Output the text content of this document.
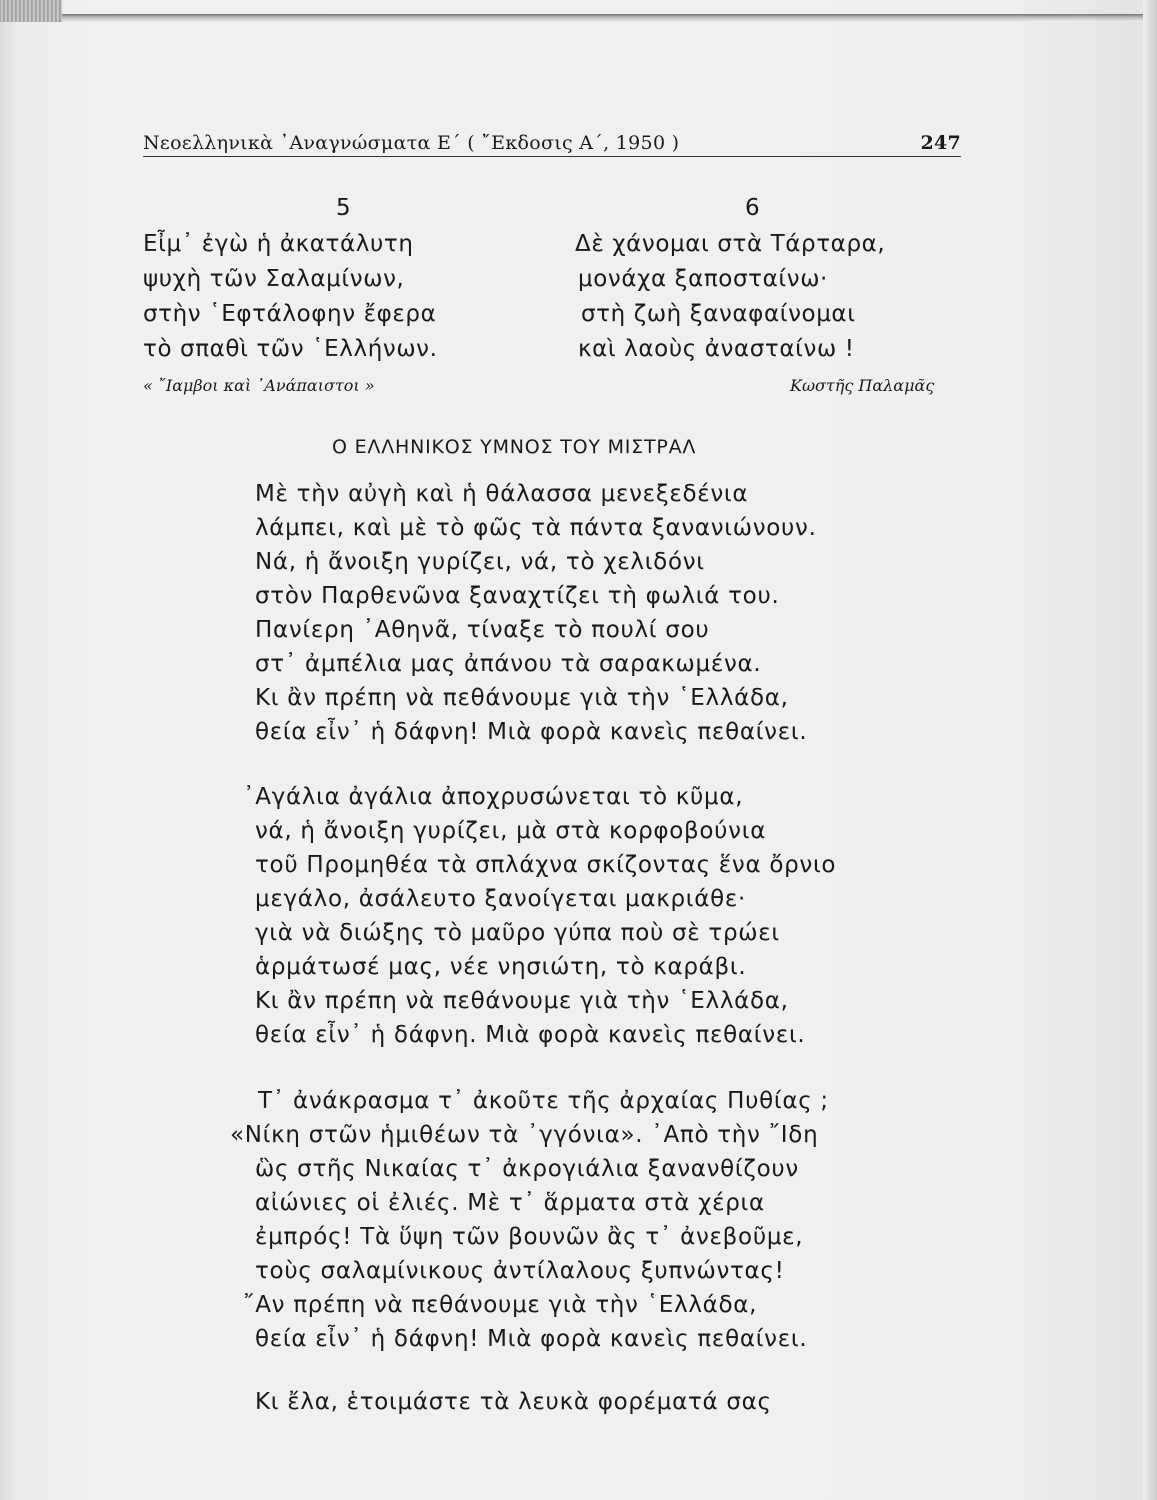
Νεοελληνικὰ ᾿Αναγνώσματα Ε΄ ( ῎Εκδοσις Α΄, 1950 )	247
5
Εἶμ᾿ ἐγὼ ἡ ἀκατάλυτη
ψυχὴ τῶν Σαλαμίνων,
στὴν ῾Εφτάλοφην ἔφερα
τὸ σπαθὶ τῶν ῾Ελλήνων.
« ῎Ιαμβοι καὶ ᾿Ανάπαιστοι »
6
Δὲ χάνομαι στὰ Τάρταρα,
μονάχα ξαποσταίνω·
στὴ ζωὴ ξαναφαίνομαι
καὶ λαοὺς ἀνασταίνω !
Κωστῆς Παλαμᾶς
Ο ΕΛΛΗΝΙΚΟΣ ΥΜΝΟΣ ΤΟΥ ΜΙΣΤΡΑΛ
Μὲ τὴν αὐγὴ καὶ ἡ θάλασσα μενεξεδένια
λάμπει, καὶ μὲ τὸ φῶς τὰ πάντα ξανανιώνουν.
Νά, ἡ ἄνοιξη γυρίζει, νά, τὸ χελιδόνι
στὸν Παρθενῶνα ξαναχτίζει τὴ φωλιά του.
Πανίερη ᾿Αθηνᾶ, τίναξε τὸ πουλί σου
στ᾿ ἀμπέλια μας ἀπάνου τὰ σαρακωμένα.
Κι ἂν πρέπη νὰ πεθάνουμε γιὰ τὴν ῾Ελλάδα,
θεία εἶν᾿ ἡ δάφνη! Μιὰ φορὰ κανεὶς πεθαίνει.
᾿Αγάλια ἀγάλια ἀποχρυσώνεται τὸ κῦμα,
νά, ἡ ἄνοιξη γυρίζει, μὰ στὰ κορφοβούνια
τοῦ Προμηθέα τὰ σπλάχνα σκίζοντας ἕνα ὄρνιο
μεγάλο, ἀσάλευτο ξανοίγεται μακριάθε·
γιὰ νὰ διώξης τὸ μαῦρο γύπα ποὺ σὲ τρώει
ἁρμάτωσέ μας, νέε νησιώτη, τὸ καράβι.
Κι ἂν πρέπη νὰ πεθάνουμε γιὰ τὴν ῾Ελλάδα,
θεία εἶν᾿ ἡ δάφνη. Μιὰ φορὰ κανεὶς πεθαίνει.
Τ᾿ ἀνάκρασμα τ᾿ ἀκοῦτε τῆς ἀρχαίας Πυθίας ;
«Νίκη στῶν ἡμιθέων τὰ ᾿γγόνια». ᾿Απὸ τὴν ῎Ιδη
ὣς στῆς Νικαίας τ᾿ ἀκρογιάλια ξανανθίζουν
αἰώνιες οἱ ἐλιές. Μὲ τ᾿ ἅρματα στὰ χέρια
ἐμπρός! Τὰ ὕψη τῶν βουνῶν ἂς τ᾿ ἀνεβοῦμε,
τοὺς σαλαμίνικους ἀντίλαλους ξυπνώντας!
῎Αν πρέπη νὰ πεθάνουμε γιὰ τὴν ῾Ελλάδα,
θεία εἶν᾿ ἡ δάφνη! Μιὰ φορὰ κανεὶς πεθαίνει.
Κι ἔλα, ἑτοιμάστε τὰ λευκὰ φορέματά σας
